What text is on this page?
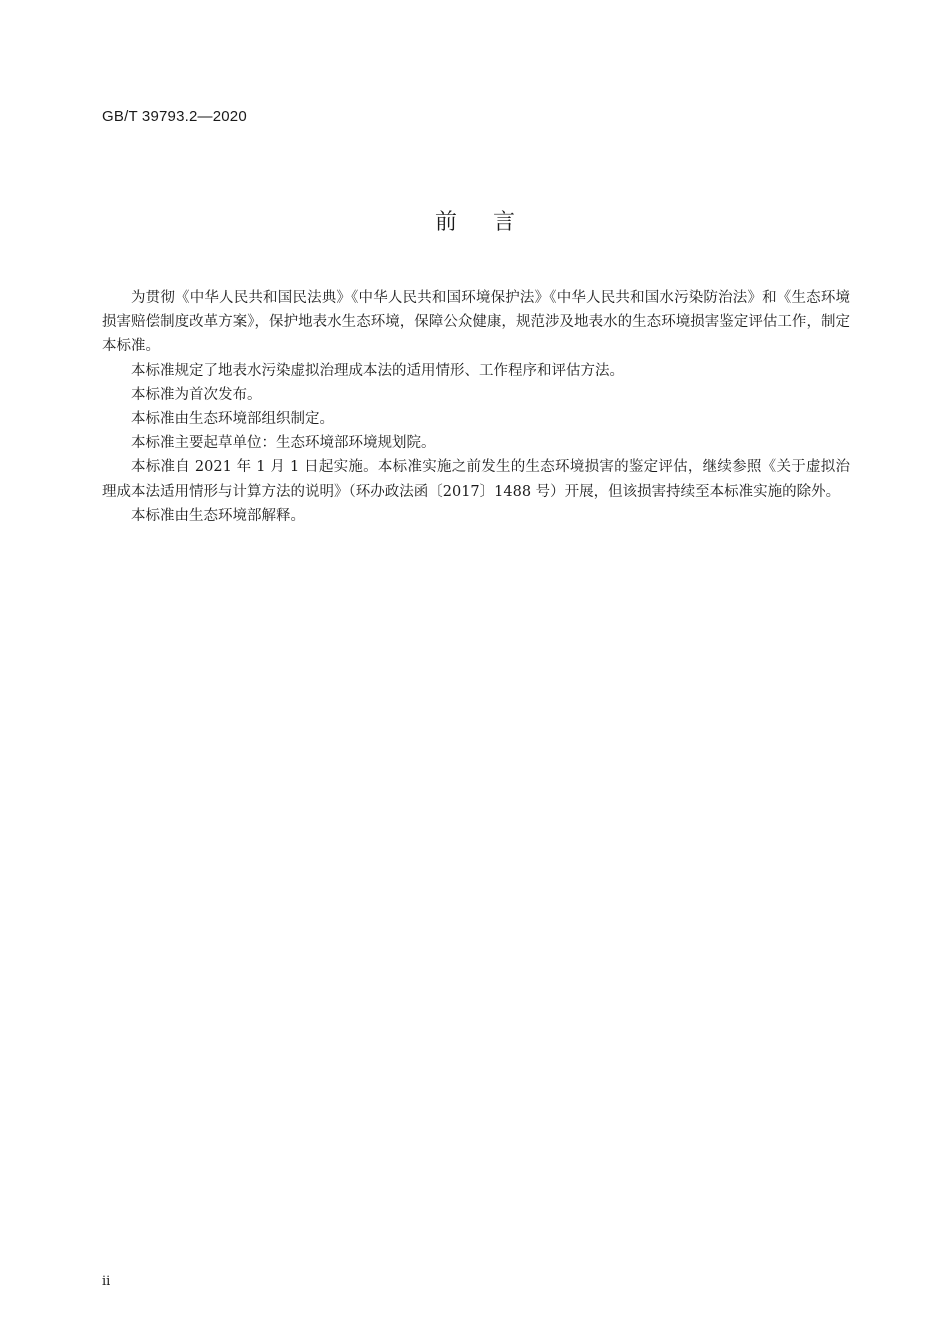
GB/T 39793.2—2020
前言

为贯彻《中华人民共和国民法典》《中华人民共和国环境保护法》《中华人民共和国水污染防治法》和《生态环境损害赔偿制度改革方案》，保护地表水生态环境，保障公众健康，规范涉及地表水的生态环境损害鉴定评估工作，制定本标准。

本标准规定了地表水污染虚拟治理成本法的适用情形、工作程序和评估方法。

本标准为首次发布。

本标准由生态环境部组织制定。

本标准主要起草单位：生态环境部环境规划院。

本标准自 2021 年 1 月 1 日起实施。本标准实施之前发生的生态环境损害的鉴定评估，继续参照《关于虚拟治理成本法适用情形与计算方法的说明》（环办政法函〔2017〕1488 号）开展，但该损害持续至本标准实施的除外。

本标准由生态环境部解释。

ii
